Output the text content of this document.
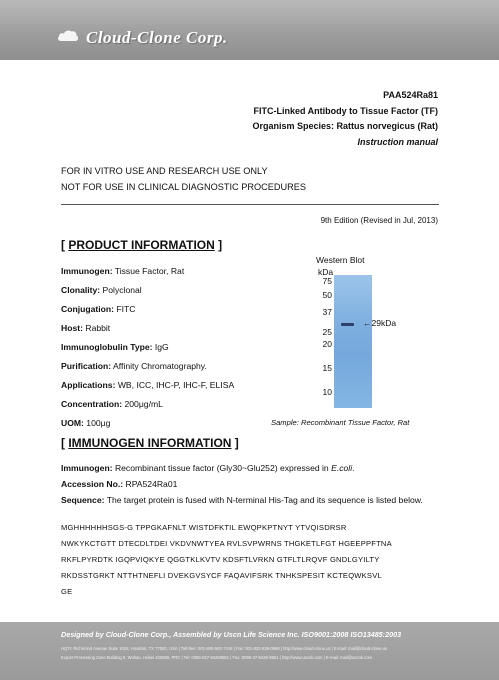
Cloud-Clone Corp.
PAA524Ra81
FITC-Linked Antibody to Tissue Factor (TF)
Organism Species: Rattus norvegicus (Rat)
Instruction manual
FOR IN VITRO USE AND RESEARCH USE ONLY
NOT FOR USE IN CLINICAL DIAGNOSTIC PROCEDURES
9th Edition (Revised in Jul, 2013)
[ PRODUCT INFORMATION ]
Immunogen: Tissue Factor, Rat
Clonality: Polyclonal
Conjugation: FITC
Host: Rabbit
Immunoglobulin Type: IgG
Purification: Affinity Chromatography.
Applications: WB, ICC, IHC-P, IHC-F, ELISA
Concentration: 200μg/mL
UOM: 100μg
Western Blot
kDa
75
50
37
25
20
15
10
←29kDa
Sample: Recombinant Tissue Factor, Rat
[ IMMUNOGEN INFORMATION ]
Immunogen: Recombinant tissue factor (Gly30~Glu252) expressed in E.coli.
Accession No.: RPA524Ra01
Sequence: The target protein is fused with N-terminal His-Tag and its sequence is listed below.
MGHHHHHHSGS-G TPPGKAFNLT WISTDFKTIL EWQPKPTNYT YTVQISDRSR
NWKYKCTGTT DTECDLTDEI VKDVNWTYEA RVLSVPWRNS THGKETLFGT HGEEPPFTNA
RKFLPYRDTK IGQPVIQKYE QGGTKLKVTV KDSFTLVRKN GTFLTLRQVF GNDLGYILTY
RKDSSTGRKT NTTHTNEFLI DVEKGVSYCF FAQAVIFSRK TNHKSPESIT KCTEQWKSVL
GE
Designed by Cloud-Clone Corp., Assembled by Uscn Life Science Inc. ISO9001:2008 ISO13485:2003
HQTI: Richmond Avenue Suite 1018, Houston, TX 77082, USA | Toll-free: 001-800-562-7418 | Fax: 001-832-538-0988 | http://www.cloud-clone.us | E-mail: mail@cloud-clone.us
Export Processing Zone Building 8, Wuhan, Hubei 430056, PRC | Tel: 0086-027-84259551 | Fax: 0086-27-8425-9551 | http://www.uscnk.com | E-mail: mail@uscnk.com
